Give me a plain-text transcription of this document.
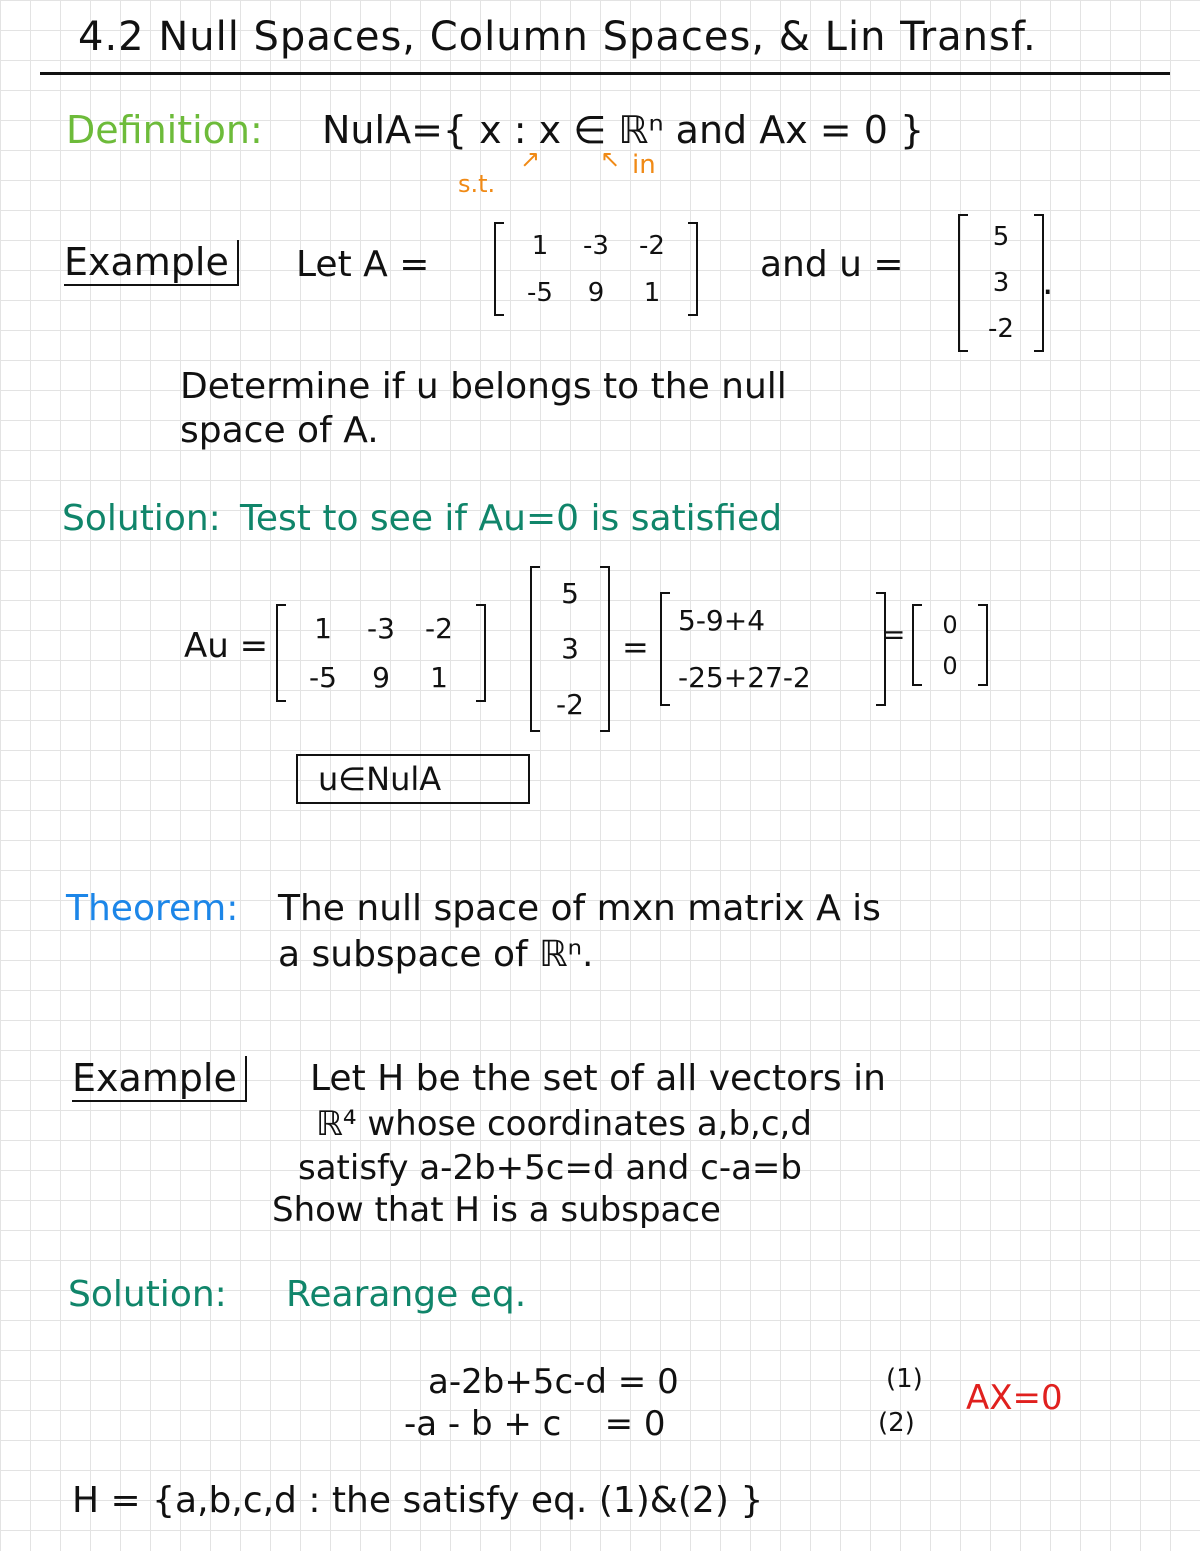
4.2 Null Spaces, Column Spaces, & Lin Transf.
Definition: NulA={ x : x ∈ ℝⁿ and Ax = 0 }
s.t.
↗ ↖ in
Example Let A =	1 -3 -2
-5 9 1
and u =
5
3
-2
.
Determine if u belongs to the null
space of A.
Solution: Test to see if Au=0 is satisfied
Au = 1 -3 -2
-5 9 1
5
3
-2
=
5-9+4
-25+27-2
= 0
0
u∈NulA
Theorem: The null space of mxn matrix A is
a subspace of ℝⁿ.
Example Let H be the set of all vectors in
ℝ⁴ whose coordinates a,b,c,d
satisfy a-2b+5c=d and c-a=b
Show that H is a subspace
Solution: Rearange eq.
a-2b+5c-d = 0	(1)
-a - b + c    = 0	(2)
AX=0
H = {a,b,c,d : the satisfy eq. (1)&(2) }
